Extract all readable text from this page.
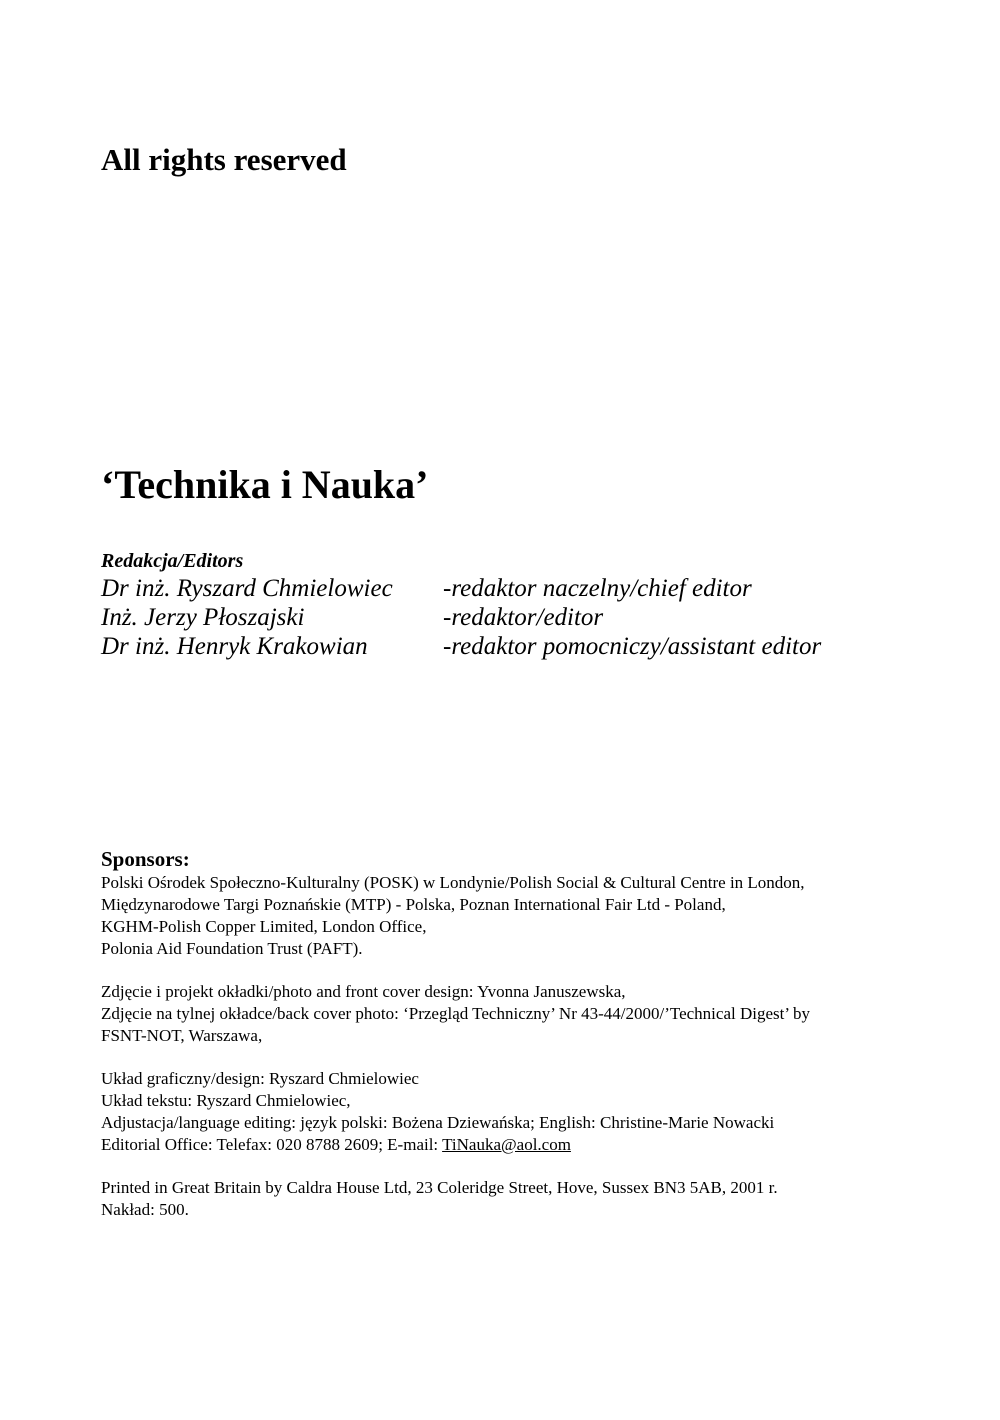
All rights reserved
‘Technika i Nauka’

Redakcja/Editors

Dr inż. Ryszard Chmielowiec	-redaktor naczelny/chief editor
Inż. Jerzy Płoszajski	-redaktor/editor
Dr inż. Henryk Krakowian	-redaktor pomocniczy/assistant editor

Sponsors:

Polski Ośrodek Społeczno-Kulturalny (POSK) w Londynie/Polish Social & Cultural Centre in London,
Międzynarodowe Targi Poznańskie (MTP) - Polska, Poznan International Fair Ltd - Poland,
KGHM-Polish Copper Limited, London Office,
Polonia Aid Foundation Trust (PAFT).
Zdjęcie i projekt okładki/photo and front cover design: Yvonna Januszewska,
Zdjęcie na tylnej okładce/back cover photo: ‘Przegląd Techniczny’ Nr 43-44/2000/’Technical Digest’ by
FSNT-NOT, Warszawa,
Układ graficzny/design: Ryszard Chmielowiec
Układ tekstu: Ryszard Chmielowiec,
Adjustacja/language editing: język polski: Bożena Dziewańska; English: Christine-Marie Nowacki
Editorial Office: Telefax: 020 8788 2609; E-mail: TiNauka@aol.com
Printed in Great Britain by Caldra House Ltd, 23 Coleridge Street, Hove, Sussex BN3 5AB, 2001 r.
Nakład: 500.
